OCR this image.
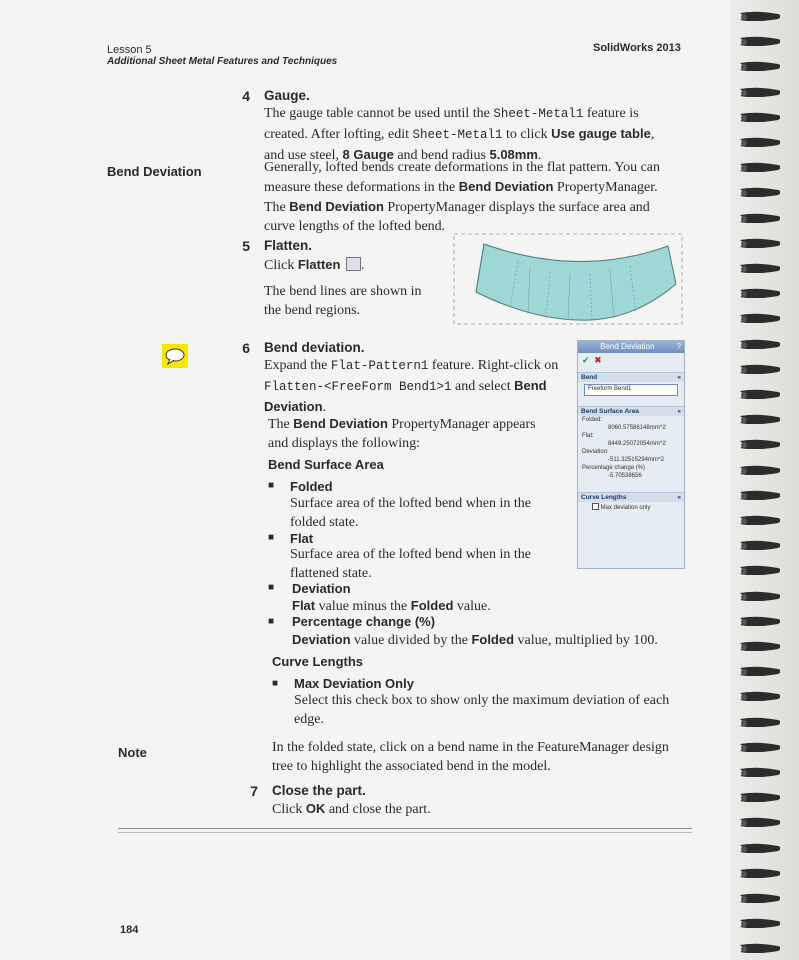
Lesson 5
Additional Sheet Metal Features and Techniques
SolidWorks 2013
4 Gauge.
The gauge table cannot be used until the Sheet-Metal1 feature is
created. After lofting, edit Sheet-Metal1 to click Use gauge table,
and use steel, 8 Gauge and bend radius 5.08mm.
Bend Deviation	Generally, lofted bends create deformations in the flat pattern. You can
measure these deformations in the Bend Deviation PropertyManager.
The Bend Deviation PropertyManager displays the surface area and
curve lengths of the lofted bend.
5 Flatten.
Click Flatten .
The bend lines are shown in
the bend regions.
6 Bend deviation.
Expand the Flat-Pattern1 feature. Right-click on
Flatten-<FreeForm Bend1>1 and select Bend
Deviation.
The Bend Deviation PropertyManager appears
and displays the following:
Bend Surface Area
■ Folded
Surface area of the lofted bend when in the
folded state.
■ Flat
Surface area of the lofted bend when in the
flattened state.
■ Deviation
Flat value minus the Folded value.
■ Percentage change (%)
Deviation value divided by the Folded value, multiplied by 100.
Curve Lengths
■ Max Deviation Only
Select this check box to show only the maximum deviation of each
edge.
Bend Deviation	?
✔ ✖
Bend	«
Freeform Bend1
Bend Surface Area	«
Folded:
8060.57586148mm^2
Flat:
8449.25072054mm^2
Deviation:
-511.32515294mm^2
Percentage change (%)
-5.70538656
Curve Lengths	«
Max deviation only
Note	In the folded state, click on a bend name in the FeatureManager design
tree to highlight the associated bend in the model.
7 Close the part.
Click OK and close the part.
184
